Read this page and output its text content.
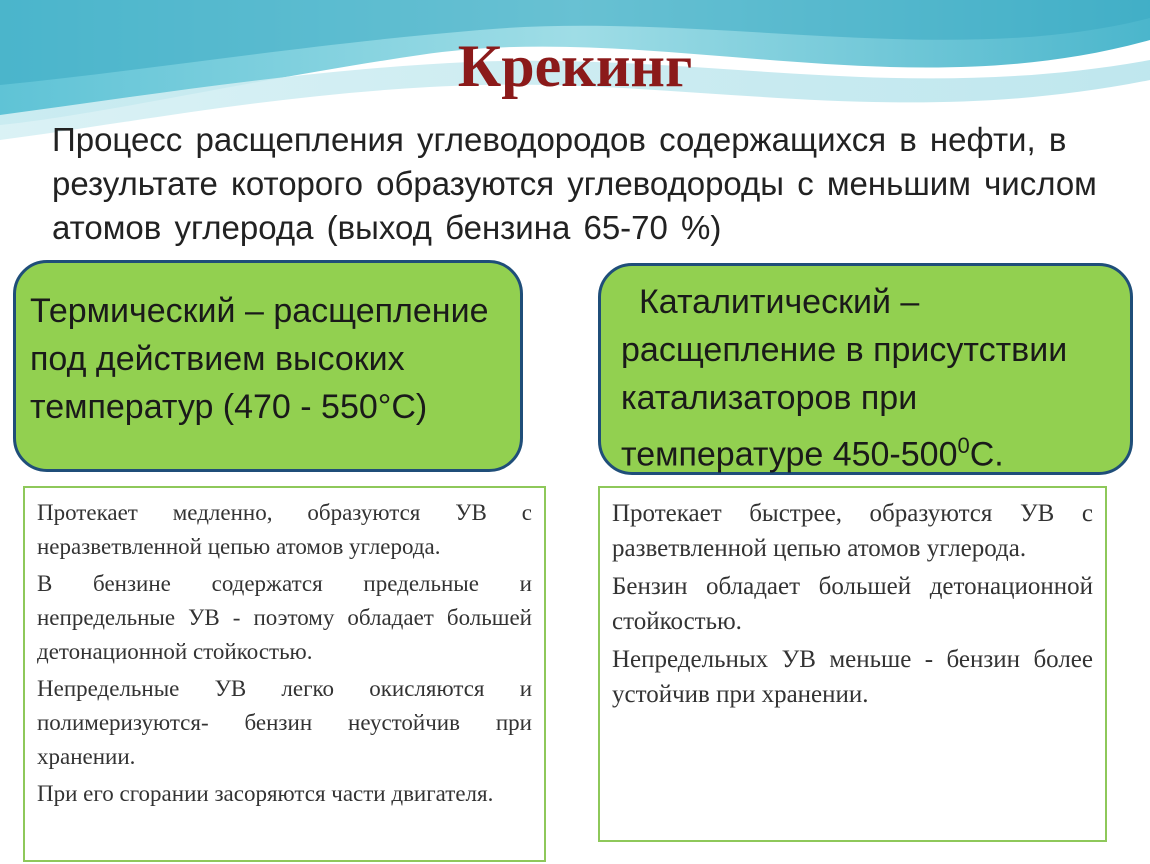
Крекинг
Процесс расщепления углеводородов содержащихся в нефти, в результате которого образуются углеводороды с меньшим числом атомов углерода (выход бензина 65-70 %)
Термический – расщепление под действием высоких температур (470 - 550°C)
Каталитический – расщепление в присутствии катализаторов при температуре $450-500^0С$.

Протекает медленно, образуются УВ с неразветвленной цепью атомов углерода.

В бензине содержатся предельные и непредельные УВ - поэтому обладает большей детонационной стойкостью.

Непредельные УВ легко окисляются и полимеризуются- бензин неустойчив при хранении.

При его сгорании засоряются части двигателя.

Протекает быстрее, образуются УВ с разветвленной цепью атомов углерода.

Бензин обладает большей детонационной стойкостью.

Непредельных УВ меньше - бензин более устойчив при хранении.
